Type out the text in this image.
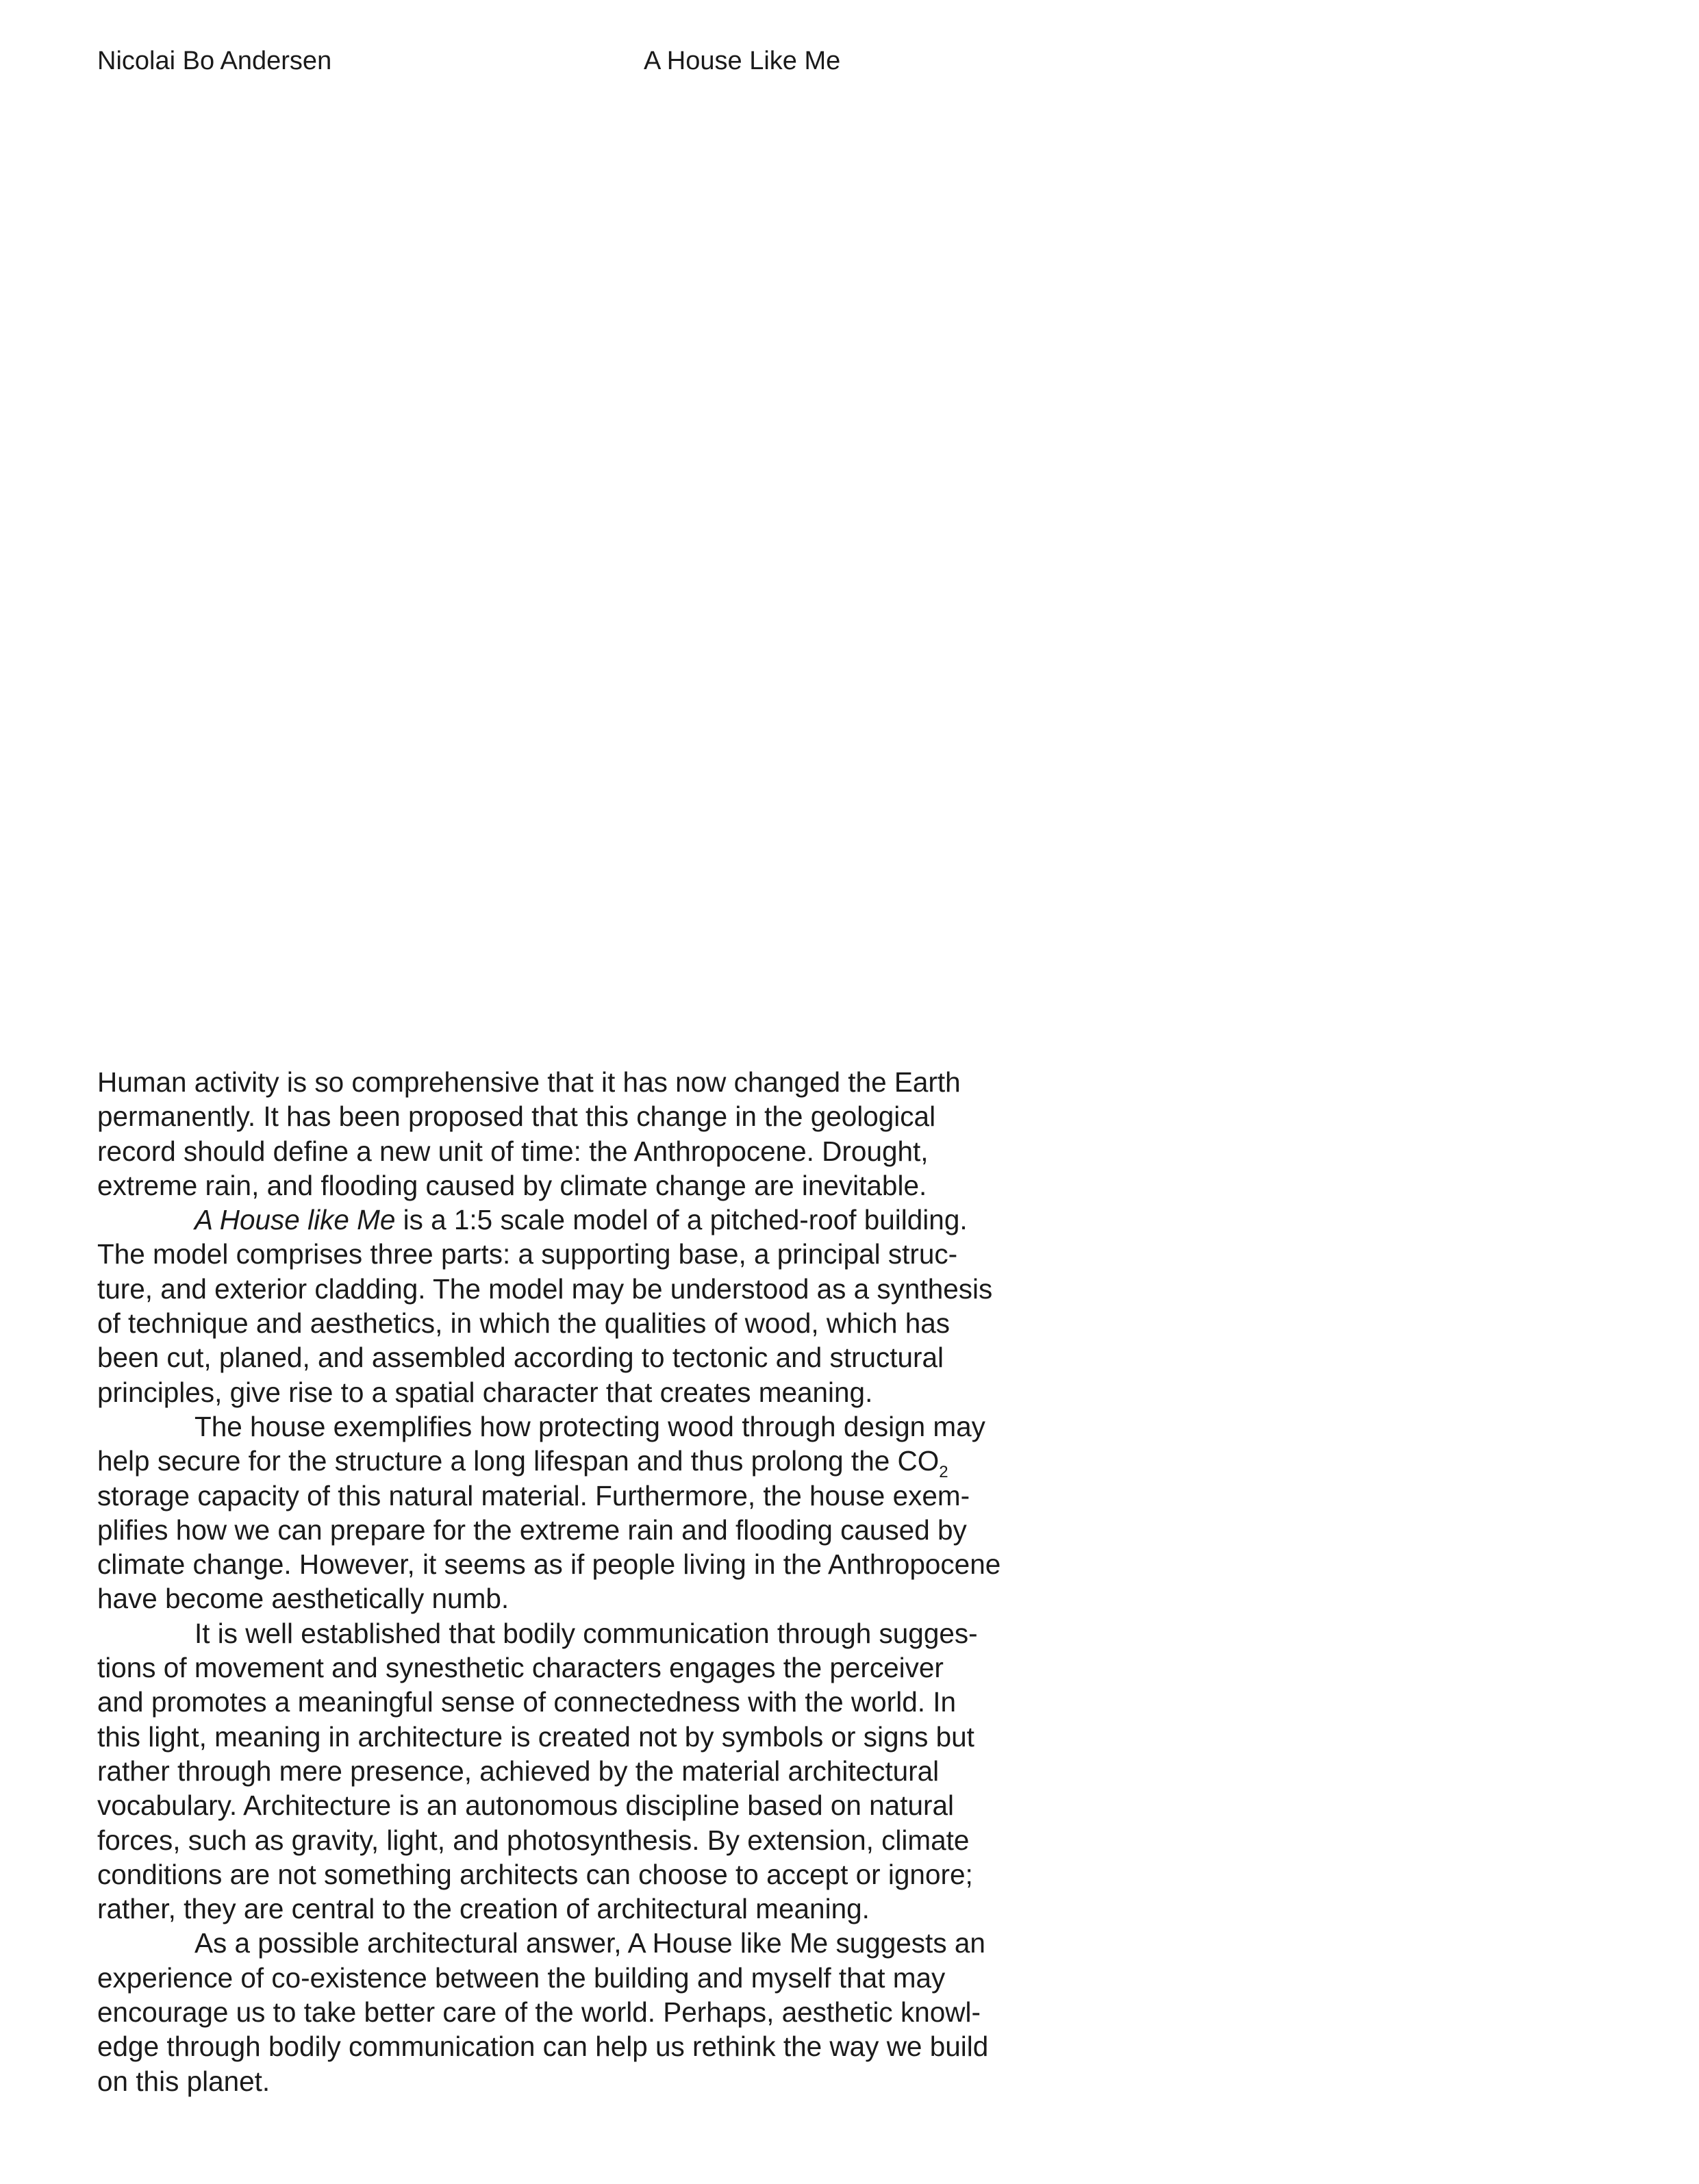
Nicolai Bo Andersen	A House Like Me

Human activity is so comprehensive that it has now changed the Earth
permanently. It has been proposed that this change in the geological
record should define a new unit of time: the Anthropocene. Drought,
extreme rain, and flooding caused by climate change are inevitable.

A House like Me is a 1:5 scale model of a pitched-roof building.
The model comprises three parts: a supporting base, a principal struc-
ture, and exterior cladding. The model may be understood as a synthesis
of technique and aesthetics, in which the qualities of wood, which has
been cut, planed, and assembled according to tectonic and structural
principles, give rise to a spatial character that creates meaning.

The house exemplifies how protecting wood through design may
help secure for the structure a long lifespan and thus prolong the $CO_2$
storage capacity of this natural material. Furthermore, the house exem-
plifies how we can prepare for the extreme rain and flooding caused by
climate change. However, it seems as if people living in the Anthropocene
have become aesthetically numb.

It is well established that bodily communication through sugges-
tions of movement and synesthetic characters engages the perceiver
and promotes a meaningful sense of connectedness with the world. In
this light, meaning in architecture is created not by symbols or signs but
rather through mere presence, achieved by the material architectural
vocabulary. Architecture is an autonomous discipline based on natural
forces, such as gravity, light, and photosynthesis. By extension, climate
conditions are not something architects can choose to accept or ignore;
rather, they are central to the creation of architectural meaning.

As a possible architectural answer, A House like Me suggests an
experience of co-existence between the building and myself that may
encourage us to take better care of the world. Perhaps, aesthetic knowl-
edge through bodily communication can help us rethink the way we build
on this planet.
